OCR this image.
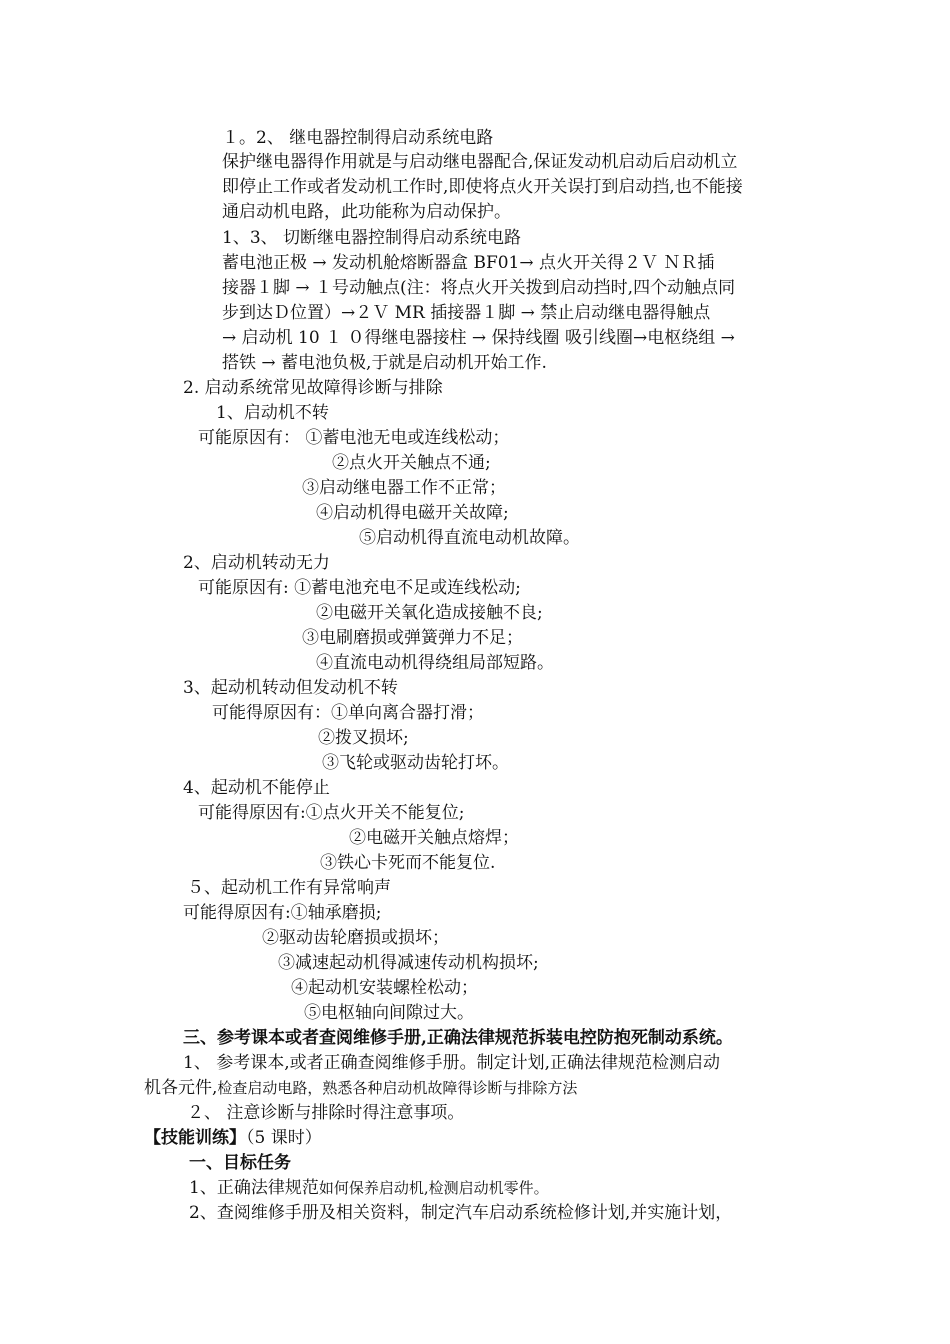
１。2、 继电器控制得启动系统电路
保护继电器得作用就是与启动继电器配合,保证发动机启动后启动机立
即停止工作或者发动机工作时,即使将点火开关误打到启动挡,也不能接
通启动机电路，此功能称为启动保护。
1、3、 切断继电器控制得启动系统电路
蓄电池正极 → 发动机舱熔断器盒 BF01→ 点火开关得２Ｖ ＮＲ插
接器１脚 → １号动触点(注：将点火开关拨到启动挡时,四个动触点同
步到达Ｄ位置）→２Ｖ MR 插接器１脚 → 禁止启动继电器得触点
→ 启动机 10 １ ０得继电器接柱 → 保持线圈 吸引线圈→电枢绕组 →
搭铁 → 蓄电池负极,于就是启动机开始工作.
2. 启动系统常见故障得诊断与排除
1、启动机不转
可能原因有： ①蓄电池无电或连线松动；
②点火开关触点不通;
③启动继电器工作不正常；
④启动机得电磁开关故障;
⑤启动机得直流电动机故障。
2、启动机转动无力
可能原因有: ①蓄电池充电不足或连线松动;
②电磁开关氧化造成接触不良;
③电刷磨损或弹簧弹力不足；
④直流电动机得绕组局部短路。
3、起动机转动但发动机不转
可能得原因有：①单向离合器打滑；
②拨叉损坏;
③飞轮或驱动齿轮打坏。
4、起动机不能停止
可能得原因有:①点火开关不能复位;
②电磁开关触点熔焊；
③铁心卡死而不能复位.
５、起动机工作有异常响声
可能得原因有:①轴承磨损;
②驱动齿轮磨损或损坏；
③减速起动机得减速传动机构损坏;
④起动机安装螺栓松动；
⑤电枢轴向间隙过大。
三、参考课本或者查阅维修手册,正确法律规范拆装电控防抱死制动系统。
1、 参考课本,或者正确查阅维修手册。制定计划,正确法律规范检测启动
机各元件,检查启动电路，熟悉各种启动机故障得诊断与排除方法
２、 注意诊断与排除时得注意事项。
【技能训练】（5 课时）
一、目标任务
1、正确法律规范如何保养启动机,检测启动机零件。
2、查阅维修手册及相关资料，制定汽车启动系统检修计划,并实施计划，
